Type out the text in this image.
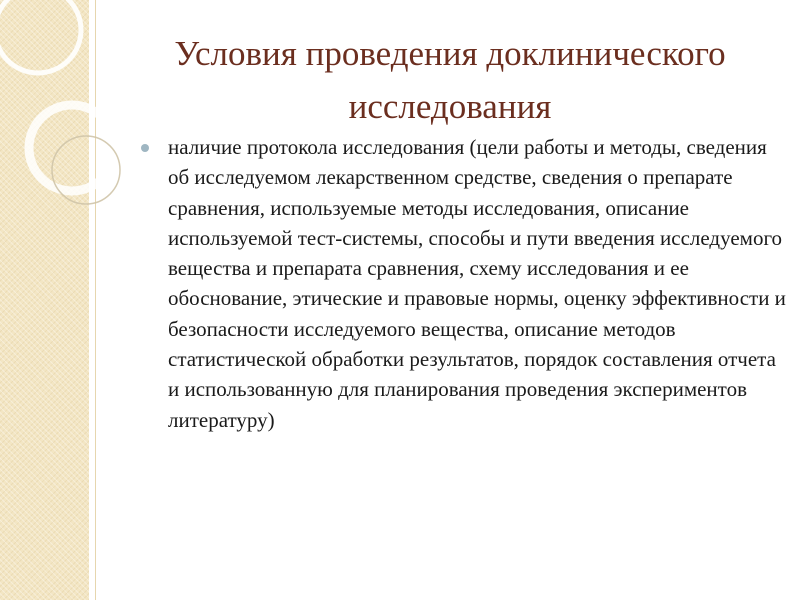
Условия проведения доклинического исследования
наличие протокола исследования (цели работы и методы, сведения об исследуемом лекарственном средстве, сведения о препарате сравнения, используемые методы исследования, описание используемой тест-системы, способы и пути введения исследуемого вещества и препарата сравнения, схему исследования и ее обоснование, этические и правовые нормы, оценку эффективности и безопасности исследуемого вещества, описание методов статистической обработки результатов, порядок составления отчета и использованную для планирования проведения экспериментов литературу)
